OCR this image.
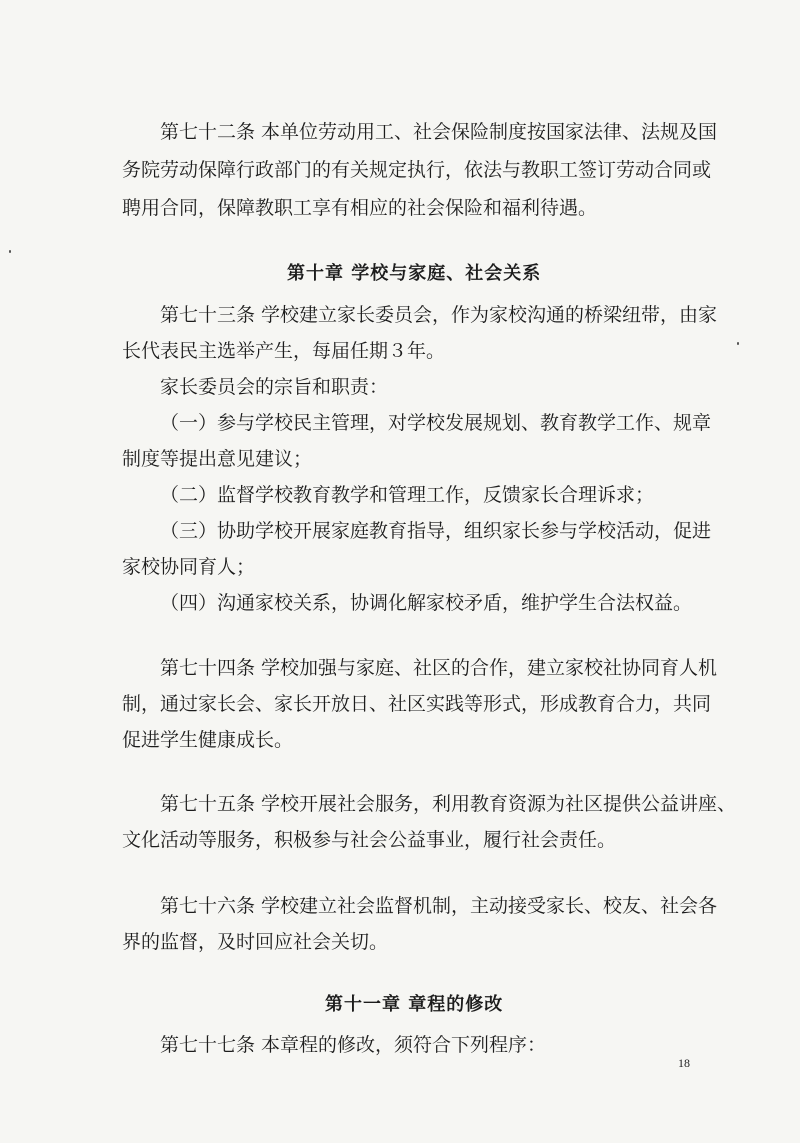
第七十二条 本单位劳动用工、社会保险制度按国家法律、法规及国
务院劳动保障行政部门的有关规定执行，依法与教职工签订劳动合同或
聘用合同，保障教职工享有相应的社会保险和福利待遇。
第十章 学校与家庭、社会关系
第七十三条 学校建立家长委员会，作为家校沟通的桥梁纽带，由家
长代表民主选举产生，每届任期３年。
家长委员会的宗旨和职责：
（一）参与学校民主管理，对学校发展规划、教育教学工作、规章
制度等提出意见建议；
（二）监督学校教育教学和管理工作，反馈家长合理诉求；
（三）协助学校开展家庭教育指导，组织家长参与学校活动，促进
家校协同育人；
（四）沟通家校关系，协调化解家校矛盾，维护学生合法权益。
第七十四条 学校加强与家庭、社区的合作，建立家校社协同育人机
制，通过家长会、家长开放日、社区实践等形式，形成教育合力，共同
促进学生健康成长。
第七十五条 学校开展社会服务，利用教育资源为社区提供公益讲座、
文化活动等服务，积极参与社会公益事业，履行社会责任。
第七十六条 学校建立社会监督机制，主动接受家长、校友、社会各
界的监督，及时回应社会关切。
第十一章 章程的修改
第七十七条 本章程的修改，须符合下列程序：
18
